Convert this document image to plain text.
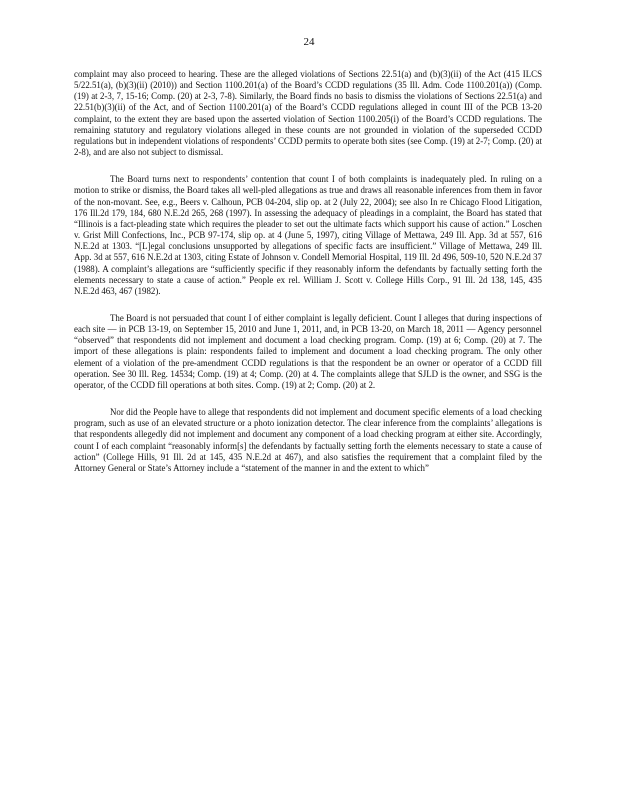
24

complaint may also proceed to hearing. These are the alleged violations of Sections 22.51(a) and (b)(3)(ii) of the Act (415 ILCS 5/22.51(a), (b)(3)(ii) (2010)) and Section 1100.201(a) of the Board’s CCDD regulations (35 Ill. Adm. Code 1100.201(a)) (Comp. (19) at 2-3, 7, 15-16; Comp. (20) at 2-3, 7-8). Similarly, the Board finds no basis to dismiss the violations of Sections 22.51(a) and 22.51(b)(3)(ii) of the Act, and of Section 1100.201(a) of the Board’s CCDD regulations alleged in count III of the PCB 13-20 complaint, to the extent they are based upon the asserted violation of Section 1100.205(i) of the Board’s CCDD regulations. The remaining statutory and regulatory violations alleged in these counts are not grounded in violation of the superseded CCDD regulations but in independent violations of respondents’ CCDD permits to operate both sites (see Comp. (19) at 2-7; Comp. (20) at 2-8), and are also not subject to dismissal.

The Board turns next to respondents’ contention that count I of both complaints is inadequately pled. In ruling on a motion to strike or dismiss, the Board takes all well-pled allegations as true and draws all reasonable inferences from them in favor of the non-movant. See, e.g., Beers v. Calhoun, PCB 04-204, slip op. at 2 (July 22, 2004); see also In re Chicago Flood Litigation, 176 Ill.2d 179, 184, 680 N.E.2d 265, 268 (1997). In assessing the adequacy of pleadings in a complaint, the Board has stated that “Illinois is a fact-pleading state which requires the pleader to set out the ultimate facts which support his cause of action.” Loschen v. Grist Mill Confections, Inc., PCB 97-174, slip op. at 4 (June 5, 1997), citing Village of Mettawa, 249 Ill. App. 3d at 557, 616 N.E.2d at 1303. “[L]egal conclusions unsupported by allegations of specific facts are insufficient.” Village of Mettawa, 249 Ill. App. 3d at 557, 616 N.E.2d at 1303, citing Estate of Johnson v. Condell Memorial Hospital, 119 Ill. 2d 496, 509-10, 520 N.E.2d 37 (1988). A complaint’s allegations are “sufficiently specific if they reasonably inform the defendants by factually setting forth the elements necessary to state a cause of action.” People ex rel. William J. Scott v. College Hills Corp., 91 Ill. 2d 138, 145, 435 N.E.2d 463, 467 (1982).

The Board is not persuaded that count I of either complaint is legally deficient. Count I alleges that during inspections of each site — in PCB 13-19, on September 15, 2010 and June 1, 2011, and, in PCB 13-20, on March 18, 2011 — Agency personnel “observed” that respondents did not implement and document a load checking program. Comp. (19) at 6; Comp. (20) at 7. The import of these allegations is plain: respondents failed to implement and document a load checking program. The only other element of a violation of the pre-amendment CCDD regulations is that the respondent be an owner or operator of a CCDD fill operation. See 30 Ill. Reg. 14534; Comp. (19) at 4; Comp. (20) at 4. The complaints allege that SJLD is the owner, and SSG is the operator, of the CCDD fill operations at both sites. Comp. (19) at 2; Comp. (20) at 2.

Nor did the People have to allege that respondents did not implement and document specific elements of a load checking program, such as use of an elevated structure or a photo ionization detector. The clear inference from the complaints’ allegations is that respondents allegedly did not implement and document any component of a load checking program at either site. Accordingly, count I of each complaint “reasonably inform[s] the defendants by factually setting forth the elements necessary to state a cause of action” (College Hills, 91 Ill. 2d at 145, 435 N.E.2d at 467), and also satisfies the requirement that a complaint filed by the Attorney General or State’s Attorney include a “statement of the manner in and the extent to which”
